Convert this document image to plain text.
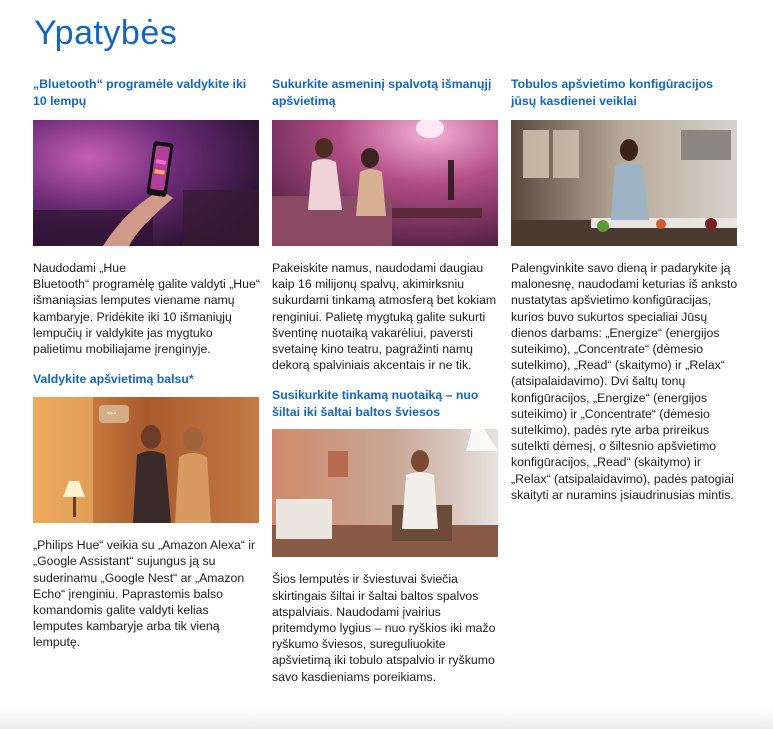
Ypatybės
„Bluetooth“ programėle valdykite iki 10 lempų

Naudodami „Hue
Bluetooth“ programėlę galite valdyti „Hue“ išmaniąsias lemputes viename namų kambaryje. Pridėkite iki 10 išmaniųjų lempučių ir valdykite jas mygtuko palietimu mobiliajame įrenginyje.

Valdykite apšvietimą balsu*
...

„Philips Hue“ veikia su „Amazon Alexa“ ir „Google Assistant“ sujungus ją su suderinamu „Google Nest“ ar „Amazon Echo“ įrenginiu. Paprastomis balso komandomis galite valdyti kelias lemputes kambaryje arba tik vieną lemputę.

Sukurkite asmeninį spalvotą išmanųjį apšvietimą

Pakeiskite namus, naudodami daugiau kaip 16 milijonų spalvų, akimirksniu sukurdami tinkamą atmosferą bet kokiam renginiui. Palietę mygtuką galite sukurti šventinę nuotaiką vakarėliui, paversti svetainę kino teatru, pagražinti namų dekorą spalviniais akcentais ir ne tik.

Susikurkite tinkamą nuotaiką – nuo šiltai iki šaltai baltos šviesos

Šios lemputės ir šviestuvai šviečia skirtingais šiltai ir šaltai baltos spalvos atspalviais. Naudodami įvairius pritemdymo lygius – nuo ryškios iki mažo ryškumo šviesos, sureguliuokite apšvietimą iki tobulo atspalvio ir ryškumo savo kasdieniams poreikiams.

Tobulos apšvietimo konfigūracijos jūsų kasdienei veiklai

Palengvinkite savo dieną ir padarykite ją malonesnę, naudodami keturias iš anksto nustatytas apšvietimo konfigūracijas, kurios buvo sukurtos specialiai Jūsų dienos darbams: „Energize“ (energijos suteikimo), „Concentrate“ (dėmesio sutelkimo), „Read“ (skaitymo) ir „Relax“ (atsipalaidavimo). Dvi šaltų tonų konfigūracijos, „Energize“ (energijos suteikimo) ir „Concentrate“ (dėmesio sutelkimo), padės ryte arba prireikus sutelkti dėmesį, o šiltesnio apšvietimo konfigūracijos, „Read“ (skaitymo) ir „Relax“ (atsipalaidavimo), padės patogiai skaityti ar nuramins įsiaudrinusias mintis.
